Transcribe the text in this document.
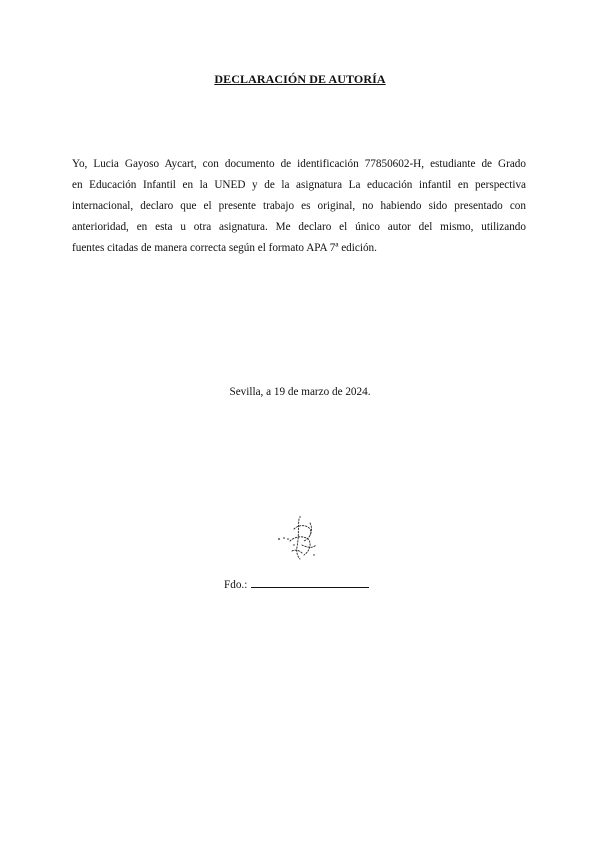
DECLARACIÓN DE AUTORÍA
Yo, Lucia Gayoso Aycart, con documento de identificación 77850602-H, estudiante de Grado
en Educación Infantil en la UNED y de la asignatura La educación infantil en perspectiva
internacional, declaro que el presente trabajo es original, no habiendo sido presentado con
anterioridad, en esta u otra asignatura. Me declaro el único autor del mismo, utilizando
fuentes citadas de manera correcta según el formato APA 7ª edición.
Sevilla, a 19 de marzo de 2024.
Fdo.:
